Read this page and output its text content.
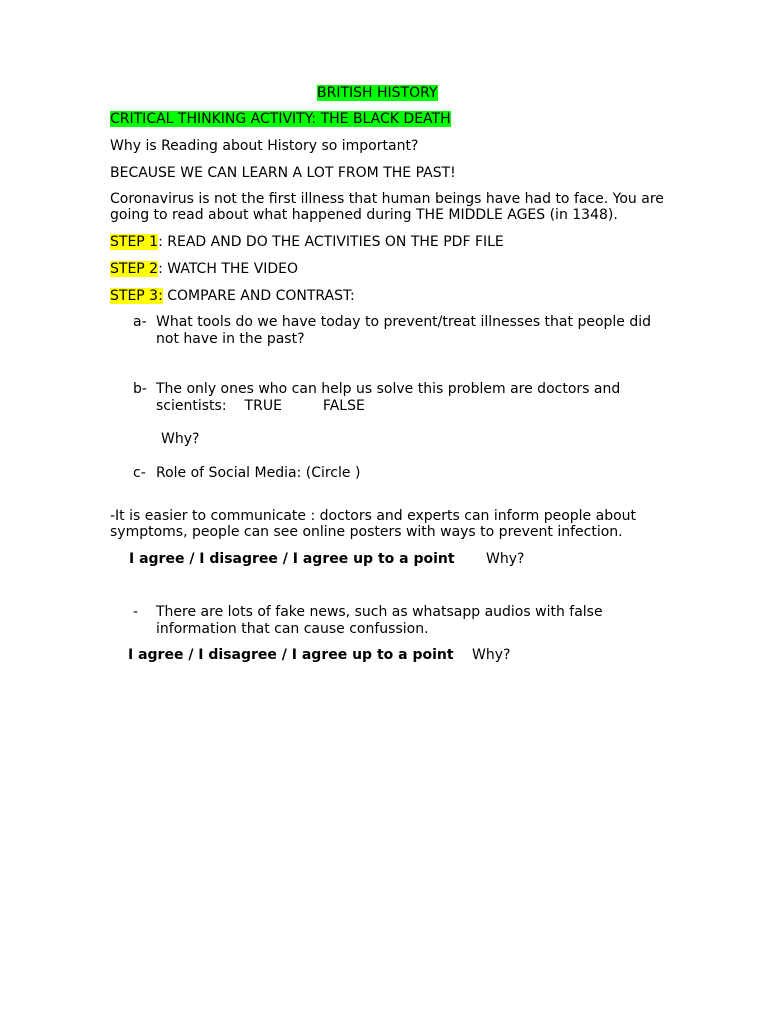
BRITISH HISTORY
CRITICAL THINKING ACTIVITY: THE BLACK DEATH
Why is Reading about History so important?
BECAUSE WE CAN LEARN A LOT FROM THE PAST!
Coronavirus is not the first illness that human beings have had to face. You are going to read about what happened during THE MIDDLE AGES (in 1348).
STEP 1: READ AND DO THE ACTIVITIES ON THE PDF FILE
STEP 2: WATCH THE VIDEO
STEP 3: COMPARE AND CONTRAST:
a- What tools do we have today to prevent/treat illnesses that people did not have in the past?
b- The only ones who can help us solve this problem are doctors and
scientists: TRUE	FALSE
Why?
c- Role of Social Media: (Circle )
-It is easier to communicate : doctors and experts can inform people about symptoms, people can see online posters with ways to prevent infection.
I agree / I disagree / I agree up to a point Why?
- There are lots of fake news, such as whatsapp audios with false information that can cause confussion.
I agree / I disagree / I agree up to a point Why?
